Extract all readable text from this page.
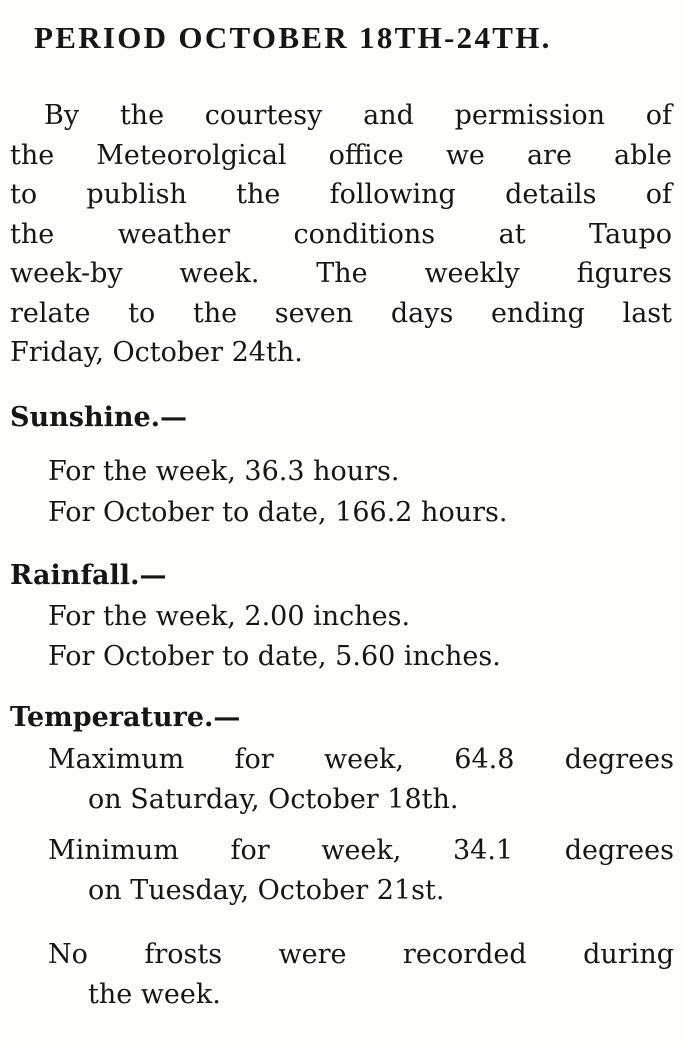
PERIOD OCTOBER 18TH-24TH.
By the courtesy and permission of
the Meteorolgical office we are able
to publish the following details of
the weather conditions at Taupo
week-by week. The weekly figures
relate to the seven days ending last
Friday, October 24th.
Sunshine.—
For the week, 36.3 hours.
For October to date, 166.2 hours.
Rainfall.—
For the week, 2.00 inches.
For October to date, 5.60 inches.
Temperature.—
Maximum for week, 64.8 degrees
on Saturday, October 18th.
Minimum for week, 34.1 degrees
on Tuesday, October 21st.
No frosts were recorded during
the week.
